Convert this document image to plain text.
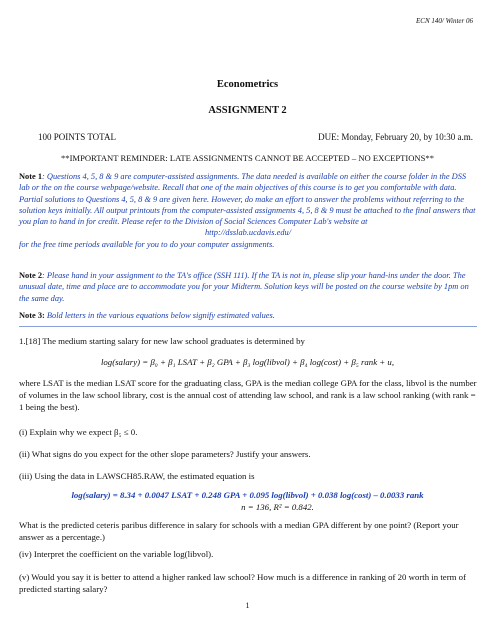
ECN 140/ Winter 06
Econometrics
ASSIGNMENT 2
100 POINTS TOTAL	DUE: Monday, February 20, by 10:30 a.m.
**IMPORTANT REMINDER: LATE ASSIGNMENTS CANNOT BE ACCEPTED – NO EXCEPTIONS**
Note 1: Questions 4, 5, 8 & 9 are computer-assisted assignments. The data needed is available on either the course folder in the DSS lab or the on the course webpage/website. Recall that one of the main objectives of this course is to get you comfortable with data. Partial solutions to Questions 4, 5, 8 & 9 are given here. However, do make an effort to answer the problems without referring to the solution keys initially. All output printouts from the computer-assisted assignments 4, 5, 8 & 9 must be attached to the final answers that you plan to hand in for credit. Please refer to the Division of Social Sciences Computer Lab's website at
http://dsslab.ucdavis.edu/
for the free time periods available for you to do your computer assignments.
Note 2: Please hand in your assignment to the TA's office (SSH 111). If the TA is not in, please slip your hand-ins under the door. The unusual date, time and place are to accommodate you for your Midterm. Solution keys will be posted on the course website by 1pm on the same day.
Note 3: Bold letters in the various equations below signify estimated values.
1.[18] The medium starting salary for new law school graduates is determined by
log(salary) = β₀ + β₁ LSAT + β₂ GPA + β₃ log(libvol) + β₄ log(cost) + β₅ rank + u,
where LSAT is the median LSAT score for the graduating class, GPA is the median college GPA for the class, libvol is the number of volumes in the law school library, cost is the annual cost of attending law school, and rank is a law school ranking (with rank = 1 being the best).
(i) Explain why we expect β₅ ≤ 0.
(ii) What signs do you expect for the other slope parameters? Justify your answers.
(iii) Using the data in LAWSCH85.RAW, the estimated equation is
log(salary) = 8.34 + 0.0047 LSAT + 0.248 GPA + 0.095 log(libvol) + 0.038 log(cost) – 0.0033 rank
n = 136, R² = 0.842.
What is the predicted ceteris paribus difference in salary for schools with a median GPA different by one point? (Report your answer as a percentage.)
(iv) Interpret the coefficient on the variable log(libvol).
(v) Would you say it is better to attend a higher ranked law school? How much is a difference in ranking of 20 worth in term of predicted starting salary?
1
